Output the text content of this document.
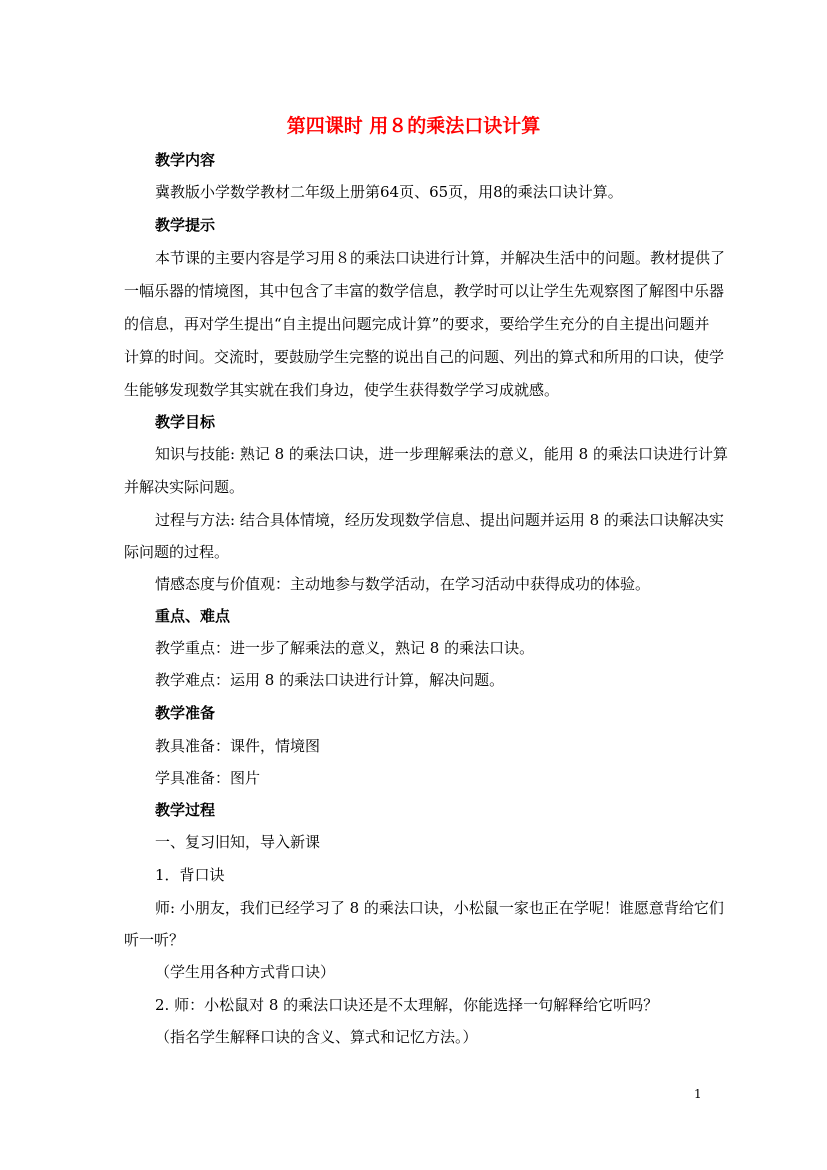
第四课时 用８的乘法口诀计算
教学内容
冀教版小学数学教材二年级上册第64页、65页，用8的乘法口诀计算。
教学提示
本节课的主要内容是学习用８的乘法口诀进行计算，并解决生活中的问题。教材提供了
一幅乐器的情境图，其中包含了丰富的数学信息，教学时可以让学生先观察图了解图中乐器
的信息，再对学生提出“自主提出问题完成计算”的要求，要给学生充分的自主提出问题并
计算的时间。交流时，要鼓励学生完整的说出自己的问题、列出的算式和所用的口诀，使学
生能够发现数学其实就在我们身边，使学生获得数学学习成就感。
教学目标
知识与技能: 熟记 8 的乘法口诀，进一步理解乘法的意义，能用 8 的乘法口诀进行计算
并解决实际问题。
过程与方法: 结合具体情境，经历发现数学信息、提出问题并运用 8 的乘法口诀解决实
际问题的过程。
情感态度与价值观：主动地参与数学活动，在学习活动中获得成功的体验。
重点、难点
教学重点：进一步了解乘法的意义，熟记 8 的乘法口诀。
教学难点：运用 8 的乘法口诀进行计算，解决问题。
教学准备
教具准备：课件，情境图
学具准备：图片
教学过程
一、复习旧知，导入新课
1．背口诀
师: 小朋友，我们已经学习了 8 的乘法口诀，小松鼠一家也正在学呢！谁愿意背给它们
听一听？
（学生用各种方式背口诀）
2. 师：小松鼠对 8 的乘法口诀还是不太理解，你能选择一句解释给它听吗？
（指名学生解释口诀的含义、算式和记忆方法。）
1
